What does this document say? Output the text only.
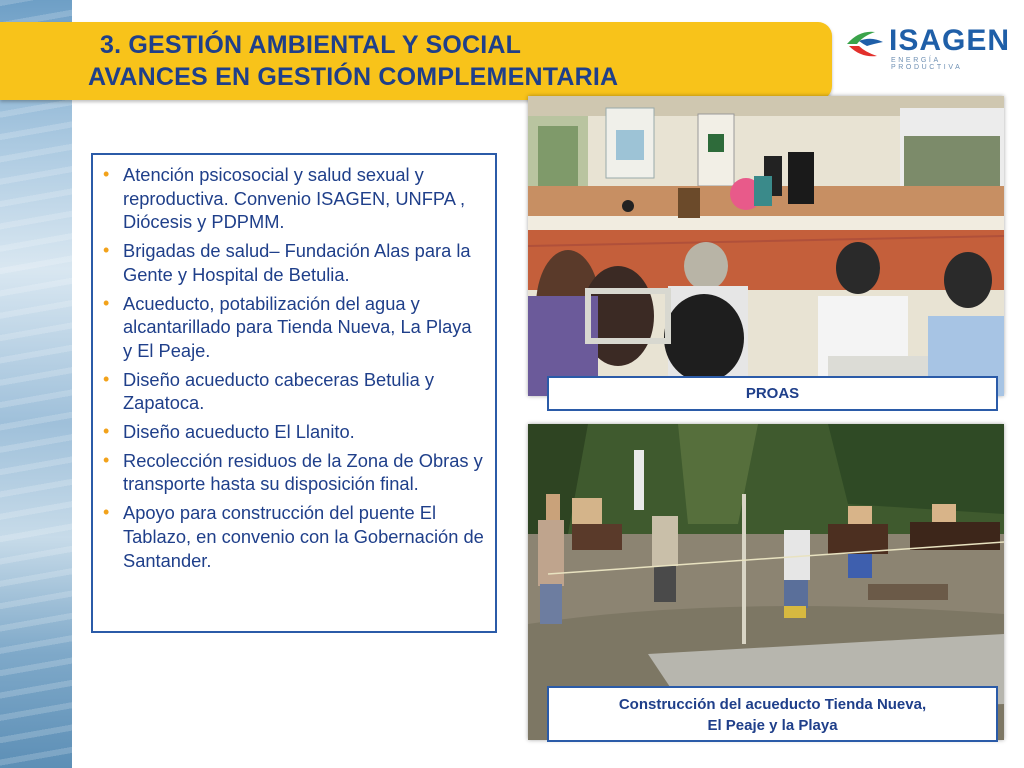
3. GESTIÓN AMBIENTAL Y SOCIAL
AVANCES EN GESTIÓN COMPLEMENTARIA
ISAGEN
ENERGÍA PRODUCTIVA
• Atención psicosocial y salud sexual y reproductiva. Convenio ISAGEN, UNFPA , Diócesis y PDPMM.
• Brigadas de salud– Fundación Alas para la Gente y Hospital de Betulia.
• Acueducto, potabilización del agua y alcantarillado para Tienda Nueva, La Playa y El Peaje.
• Diseño acueducto cabeceras Betulia y Zapatoca.
• Diseño acueducto El Llanito.
• Recolección residuos de la Zona de Obras y transporte hasta su disposición final.
• Apoyo para construcción del puente El Tablazo, en convenio con la Gobernación de Santander.
PROAS
Construcción del acueducto Tienda Nueva,
El Peaje y la Playa
